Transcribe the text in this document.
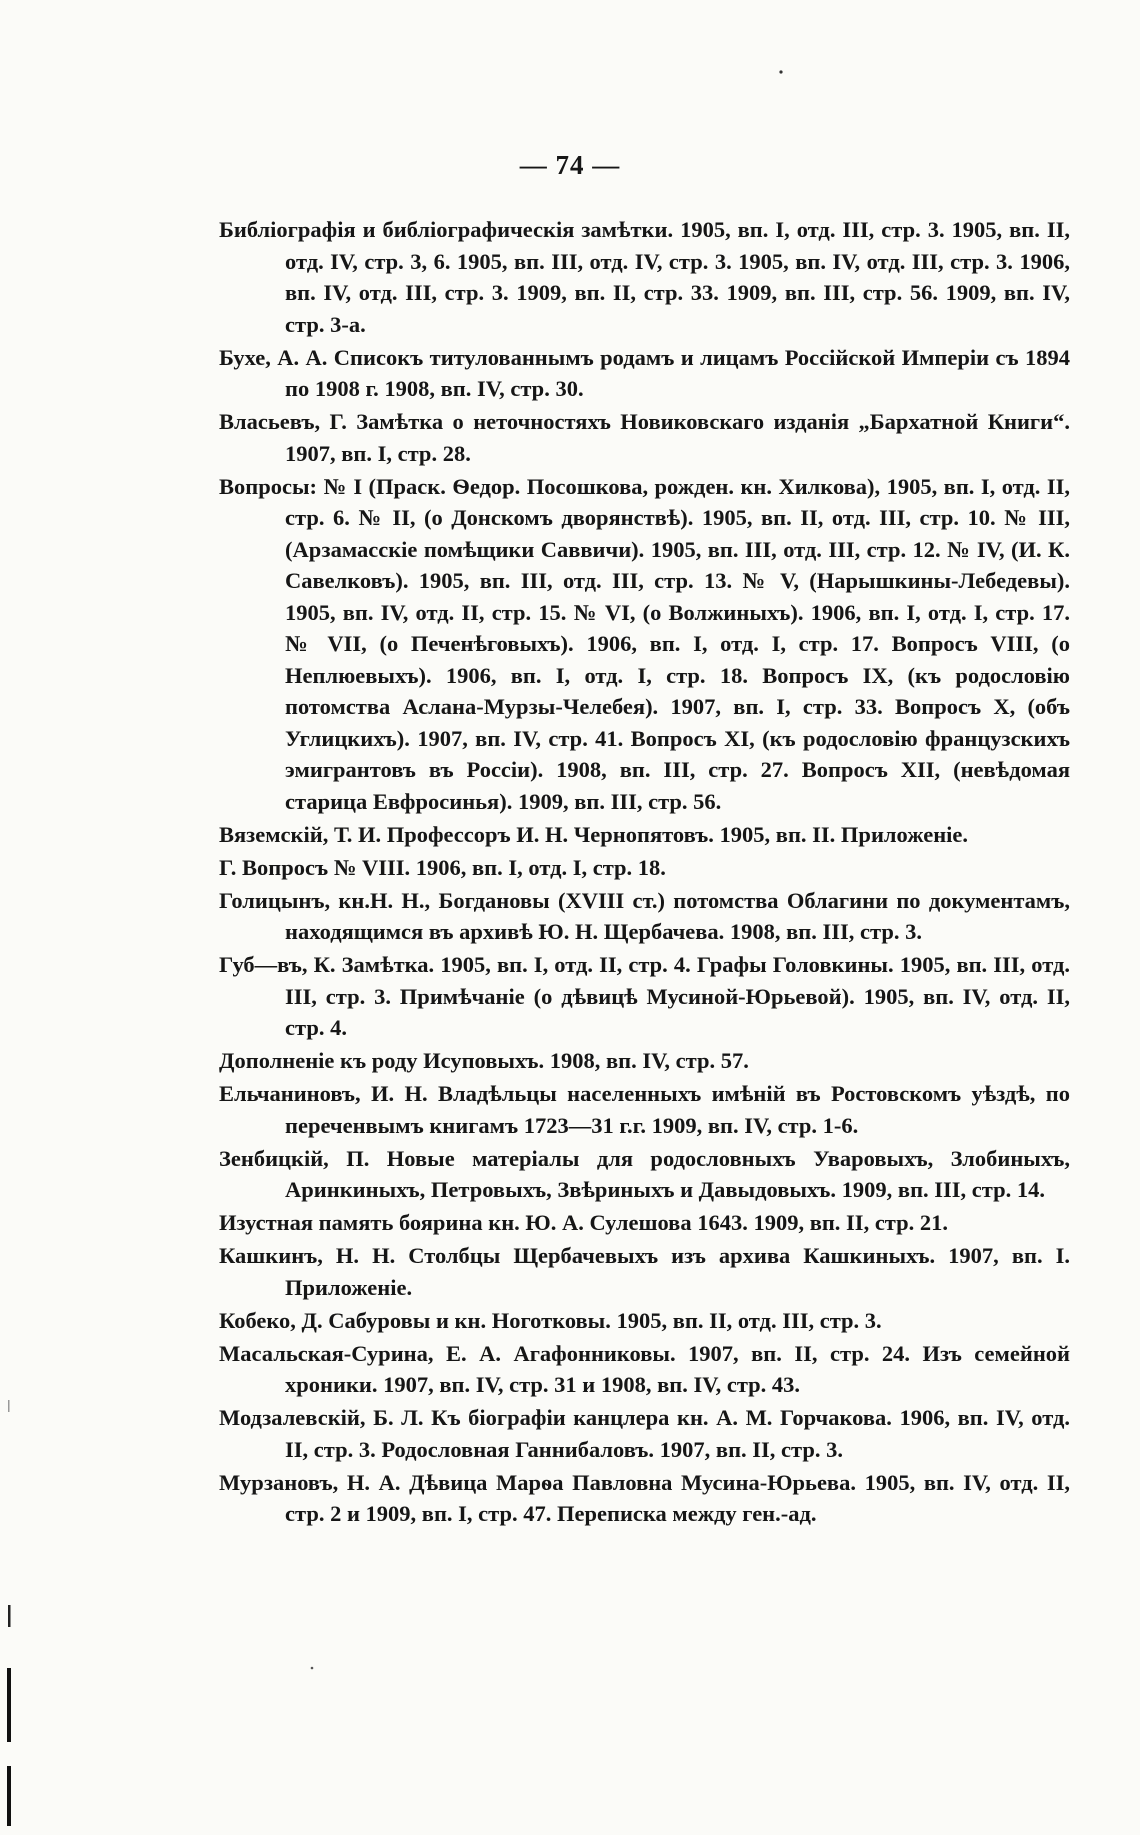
— 74 —

Библіографія и библіографическія замѣтки. 1905, вп. I, отд. III, стр. 3. 1905, вп. II, отд. IV, стр. 3, 6. 1905, вп. III, отд. IV, стр. 3. 1905, вп. IV, отд. III, стр. 3. 1906, вп. IV, отд. III, стр. 3. 1909, вп. II, стр. 33. 1909, вп. III, стр. 56. 1909, вп. IV, стр. 3-а.

Бухе, А. А. Списокъ титулованнымъ родамъ и лицамъ Россійской Имперіи съ 1894 по 1908 г. 1908, вп. IV, стр. 30.

Власьевъ, Г. Замѣтка о неточностяхъ Новиковскаго изданія „Бархатной Книги“. 1907, вп. I, стр. 28.

Вопросы: № I (Праск. Ѳедор. Посошкова, рожден. кн. Хилкова), 1905, вп. I, отд. II, стр. 6. № II, (о Донскомъ дворянствѣ). 1905, вп. II, отд. III, стр. 10. № III, (Арзамасскіе помѣщики Саввичи). 1905, вп. III, отд. III, стр. 12. № IV, (И. К. Савелковъ). 1905, вп. III, отд. III, стр. 13. № V, (Нарышкины-Лебедевы). 1905, вп. IV, отд. II, стр. 15. № VI, (о Волжиныхъ). 1906, вп. I, отд. I, стр. 17. № VII, (о Печенѣговыхъ). 1906, вп. I, отд. I, стр. 17. Вопросъ VIII, (о Неплюевыхъ). 1906, вп. I, отд. I, стр. 18. Вопросъ IX, (къ родословію потомства Аслана-Мурзы-Челебея). 1907, вп. I, стр. 33. Вопросъ X, (объ Углицкихъ). 1907, вп. IV, стр. 41. Вопросъ XI, (къ родословію французскихъ эмигрантовъ въ Россіи). 1908, вп. III, стр. 27. Вопросъ XII, (невѣдомая старица Евфросинья). 1909, вп. III, стр. 56.

Вяземскій, Т. И. Профессоръ И. Н. Чернопятовъ. 1905, вп. II. Приложеніе.

Г. Вопросъ № VIII. 1906, вп. I, отд. I, стр. 18.

Голицынъ, кн.Н. Н., Богдановы (XVIII ст.) потомства Облагини по документамъ, находящимся въ архивѣ Ю. Н. Щербачева. 1908, вп. III, стр. 3.

Губ—въ, К. Замѣтка. 1905, вп. I, отд. II, стр. 4. Графы Головкины. 1905, вп. III, отд. III, стр. 3. Примѣчаніе (о дѣвицѣ Мусиной-Юрьевой). 1905, вп. IV, отд. II, стр. 4.

Дополненіе къ роду Исуповыхъ. 1908, вп. IV, стр. 57.

Ельчаниновъ, И. Н. Владѣльцы населенныхъ имѣній въ Ростовскомъ уѣздѣ, по переченвымъ книгамъ 1723—31 г.г. 1909, вп. IV, стр. 1-6.

Зенбицкій, П. Новые матеріалы для родословныхъ Уваровыхъ, Злобиныхъ, Аринкиныхъ, Петровыхъ, Звѣриныхъ и Давыдовыхъ. 1909, вп. III, стр. 14.

Изустная память боярина кн. Ю. А. Сулешова 1643. 1909, вп. II, стр. 21.

Кашкинъ, Н. Н. Столбцы Щербачевыхъ изъ архива Кашкиныхъ. 1907, вп. I. Приложеніе.

Кобеко, Д. Сабуровы и кн. Ноготковы. 1905, вп. II, отд. III, стр. 3.

Масальская-Сурина, Е. А. Агафонниковы. 1907, вп. II, стр. 24. Изъ семейной хроники. 1907, вп. IV, стр. 31 и 1908, вп. IV, стр. 43.

Модзалевскій, Б. Л. Къ біографіи канцлера кн. А. М. Горчакова. 1906, вп. IV, отд. II, стр. 3. Родословная Ганнибаловъ. 1907, вп. II, стр. 3.

Мурзановъ, Н. А. Дѣвица Марѳа Павловна Мусина-Юрьева. 1905, вп. IV, отд. II, стр. 2 и 1909, вп. I, стр. 47. Переписка между ген.-ад.
